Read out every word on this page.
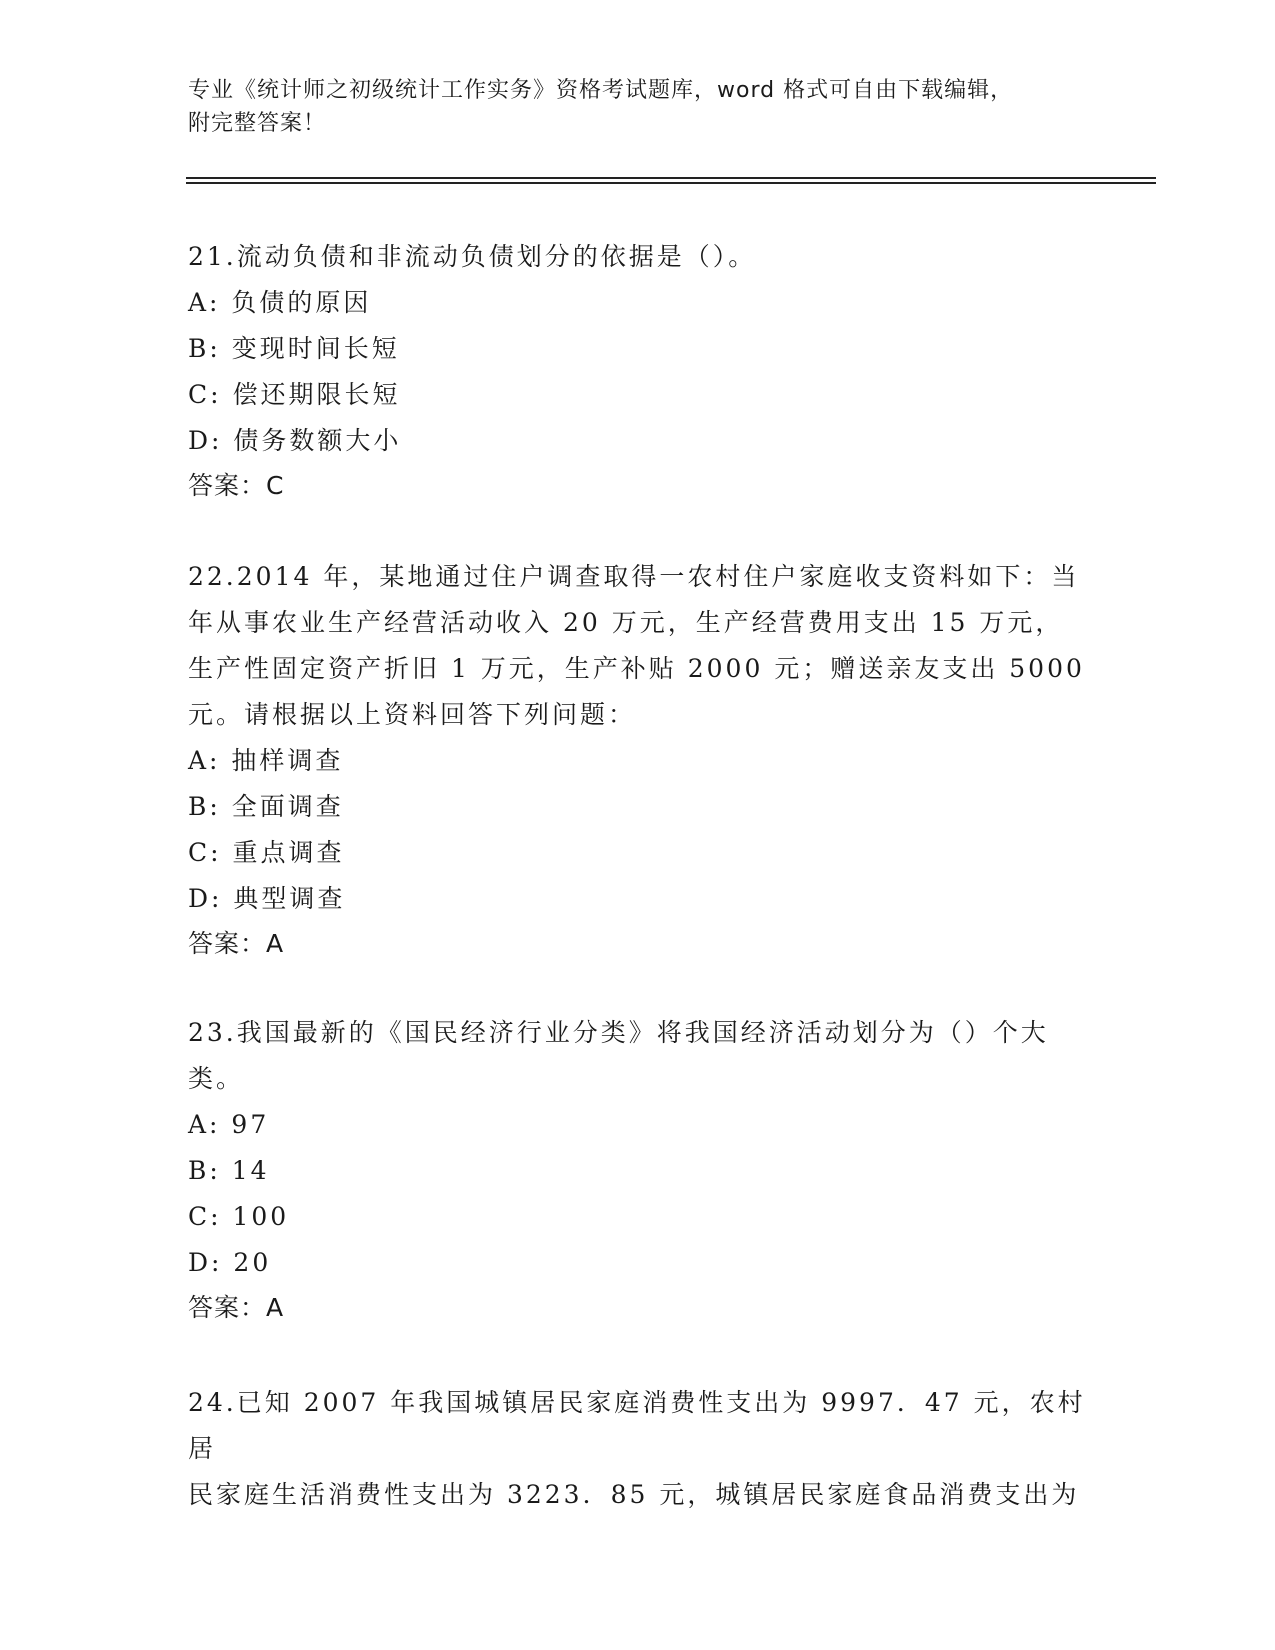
专业《统计师之初级统计工作实务》资格考试题库，word 格式可自由下载编辑，
附完整答案！

21.流动负债和非流动负债划分的依据是（）。

A: 负债的原因

B: 变现时间长短

C: 偿还期限长短

D: 债务数额大小

答案：C

22.2014 年，某地通过住户调查取得一农村住户家庭收支资料如下：当

年从事农业生产经营活动收入 20 万元，生产经营费用支出 15 万元，

生产性固定资产折旧 1 万元，生产补贴 2000 元；赠送亲友支出 5000

元。请根据以上资料回答下列问题：

A: 抽样调查

B: 全面调查

C: 重点调查

D: 典型调查

答案：A

23.我国最新的《国民经济行业分类》将我国经济活动划分为（）个大

类。

A: 97

B: 14

C: 100

D: 20

答案：A

24.已知 2007 年我国城镇居民家庭消费性支出为 9997．47 元，农村居

民家庭生活消费性支出为 3223．85 元，城镇居民家庭食品消费支出为
